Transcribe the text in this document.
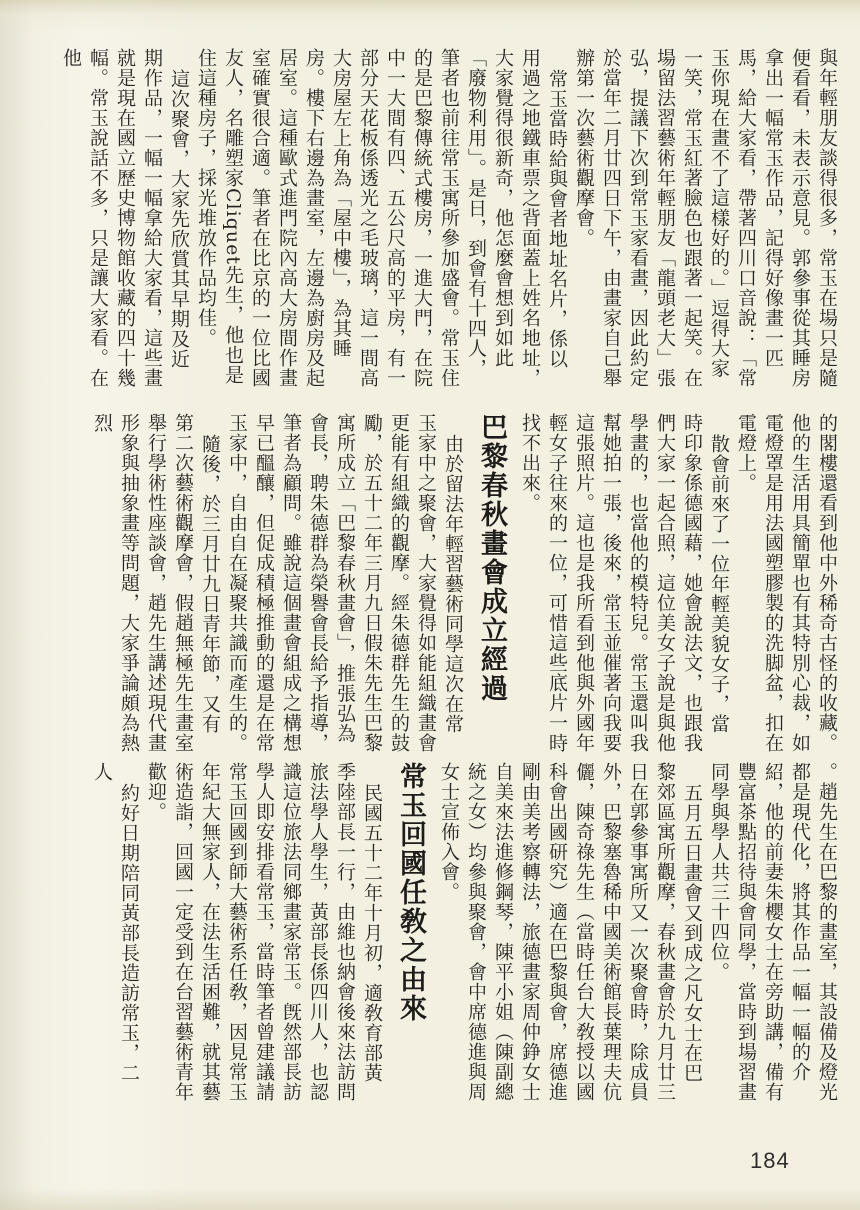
與年輕朋友談得很多，常玉在場只是隨便看看，未表示意見。郭參事從其睡房拿出一幅常玉作品，記得好像畫一匹馬，給大家看，帶著四川口音說：「常玉你現在畫不了這樣好的。」逗得大家一笑，常玉紅著臉色也跟著一起笑。在場留法習藝術年輕朋友「龍頭老大」張弘，提議下次到常玉家看畫，因此約定於當年二月廿四日下午，由畫家自己舉辦第一次藝術觀摩會。

常玉當時給與會者地址名片，係以用過之地鐵車票之背面蓋上姓名地址，大家覺得很新奇，他怎麼會想到如此「廢物利用」。是日，到會有十四人，筆者也前往常玉寓所參加盛會。常玉住的是巴黎傳統式樓房，一進大門，在院中一大間有四、五公尺高的平房，有一部分天花板係透光之毛玻璃，這一間高大房屋左上角為「屋中樓」，為其睡房。樓下右邊為畫室，左邊為廚房及起居室。這種歐式進門院內高大房間作畫室確實很合適。筆者在比京的一位比國友人，名雕塑家Cliquet先生，他也是住這種房子，採光堆放作品均佳。

這次聚會，大家先欣賞其早期及近期作品，一幅一幅拿給大家看，這些畫就是現在國立歷史博物館收藏的四十幾幅。常玉說話不多，只是讓大家看。在他

的閣樓還看到他中外稀奇古怪的收藏。他的生活用具簡單也有其特別心裁，如電燈罩是用法國塑膠製的洗脚盆，扣在電燈上。

散會前來了一位年輕美貌女子，當時印象係德國藉，她會說法文，也跟我們大家一起合照，這位美女子說是與他學畫的，也當他的模特兒。常玉還叫我幫她拍一張，後來，常玉並催著向我要這張照片。這也是我所看到他與外國年輕女子往來的一位，可惜這些底片一時找不出來。

巴黎春秋畫會成立經過

由於留法年輕習藝術同學這次在常玉家中之聚會，大家覺得如能組織畫會更能有組織的觀摩。經朱德群先生的鼓勵，於五十二年三月九日假朱先生巴黎寓所成立「巴黎春秋畫會」，推張弘為會長，聘朱德群為榮譽會長給予指導，筆者為顧問。雖說這個畫會組成之構想早已醞釀，但促成積極推動的還是在常玉家中，自由自在凝聚共識而產生的。

隨後，於三月廿九日青年節，又有第二次藝術觀摩會，假趙無極先生畫室舉行學術性座談會，趙先生講述現代畫形象與抽象畫等問題，大家爭論頗為熱烈

。趙先生在巴黎的畫室，其設備及燈光都是現代化，將其作品一幅一幅的介紹，他的前妻朱櫻女士在旁助講，備有豐富茶點招待與會同學，當時到場習畫同學與學人共三十四位。

五月五日畫會又到成之凡女士在巴黎郊區寓所觀摩，春秋畫會於九月廿三日在郭參事寓所又一次聚會時，除成員外，巴黎塞魯稀中國美術館長葉理夫伉儷，陳奇祿先生（當時任台大敎授以國科會出國研究）適在巴黎與會，席德進剛由美考察轉法，旅德畫家周仲錚女士自美來法進修鋼琴，陳平小姐（陳副總統之女）均參與聚會，會中席德進與周女士宣佈入會。

常玉回國任敎之由來

民國五十二年十月初，適敎育部黃季陸部長一行，由維也納會後來法訪問旅法學人學生，黃部長係四川人，也認識這位旅法同鄉畫家常玉。旣然部長訪學人即安排看常玉，當時筆者曾建議請常玉回國到師大藝術系任敎，因見常玉年紀大無家人，在法生活困難，就其藝術造詣，回國一定受到在台習藝術青年歡迎。

約好日期陪同黃部長造訪常玉，二人

184
